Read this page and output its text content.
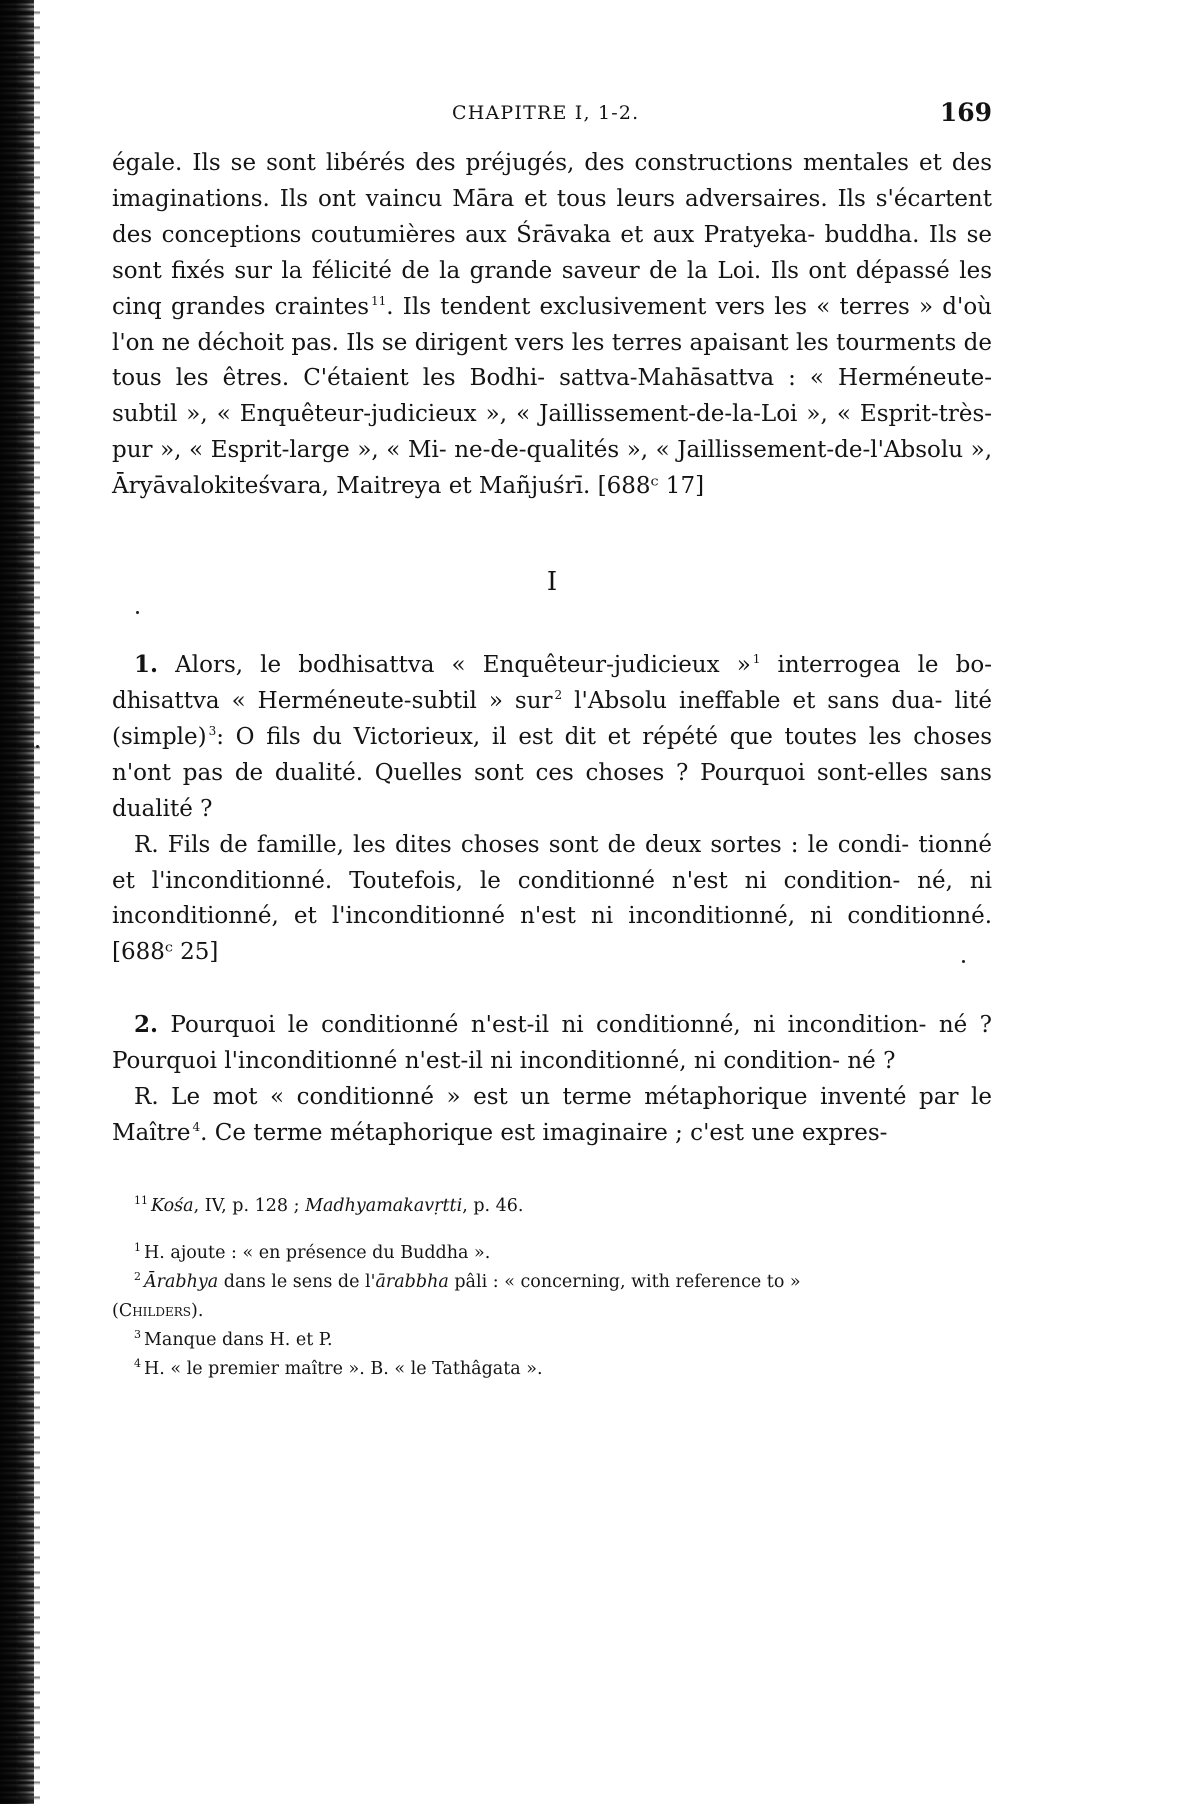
CHAPITRE I, 1-2.	169

égale. Ils se sont libérés des préjugés, des constructions mentales et des imaginations. Ils ont vaincu Māra et tous leurs adversaires. Ils s'écartent des conceptions coutumières aux Śrāvaka et aux Pratyeka- buddha. Ils se sont fixés sur la félicité de la grande saveur de la Loi. Ils ont dépassé les cinq grandes craintes $^{11}$. Ils tendent exclusivement vers les « terres » d'où l'on ne déchoit pas. Ils se dirigent vers les terres apaisant les tourments de tous les êtres. C'étaient les Bodhi- sattva-Mahāsattva : « Herméneute-subtil », « Enquêteur-judicieux », « Jaillissement-de-la-Loi », « Esprit-très-pur », « Esprit-large », « Mi- ne-de-qualités », « Jaillissement-de-l'Absolu », Āryāvalokiteśvara, Maitreya et Mañjuśrī. [688ᶜ 17]

I

1. Alors, le bodhisattva « Enquêteur-judicieux » $^1$ interrogea le bo- dhisattva « Herméneute-subtil » sur $^2$ l'Absolu ineffable et sans dua- lité (simple) $^3$: O fils du Victorieux, il est dit et répété que toutes les choses n'ont pas de dualité. Quelles sont ces choses ? Pourquoi sont-elles sans dualité ?

R. Fils de famille, les dites choses sont de deux sortes : le condi- tionné et l'inconditionné. Toutefois, le conditionné n'est ni condition- né, ni inconditionné, et l'inconditionné n'est ni inconditionné, ni conditionné. [688ᶜ 25]

2. Pourquoi le conditionné n'est-il ni conditionné, ni incondition- né ? Pourquoi l'inconditionné n'est-il ni inconditionné, ni condition- né ?

R. Le mot « conditionné » est un terme métaphorique inventé par le Maître $^4$. Ce terme métaphorique est imaginaire ; c'est une expres-

$^{11}$ Kośa, IV, p. 128 ; Madhyamakavṛtti, p. 46.

$^1$ H. ajoute : « en présence du Buddha ».

$^2$ Ārabhya dans le sens de l'ārabbha pâli : « concerning, with reference to »

(Childers).

$^3$ Manque dans H. et P.

$^4$ H. « le premier maître ». B. « le Tathâgata ».
